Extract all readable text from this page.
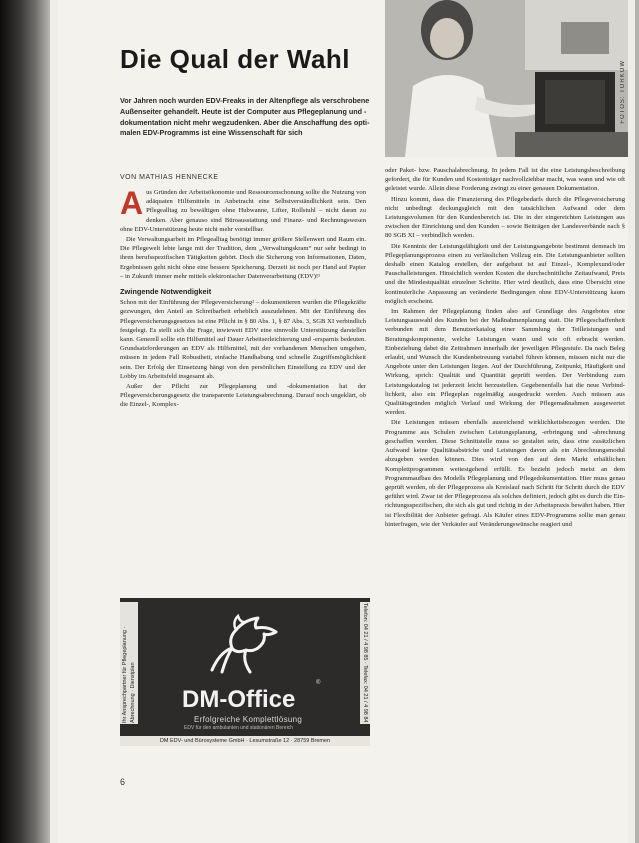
FOTOS: TORKOW
Die Qual der Wahl

Vor Jahren noch wurden EDV-Freaks in der Altenpflege als verschrobene Außenseiter gehandelt. Heute ist der Computer aus Pflegeplanung und -dokumentation nicht mehr wegzudenken. Aber die Anschaffung des optimalen EDV-Programms ist eine Wissenschaft für sich

VON MATHIAS HENNECKE

Aus Gründen der Arbeitsökonomie und Ressourcenschonung sollte die Nutzung von adäquaten Hilfsmitteln in Anbetracht eine Selbstverständlichkeit sein. Den Pflegealltag zu bewältigen ohne Hubwanne, Lifter, Rollstuhl – nicht daran zu denken. Aber genauso sind Büroausstattung und Finanz- und Rechnungswesen ohne EDV-Unterstützung heute nicht mehr vorstellbar.

Die Verwaltungsarbeit im Pflegealltag benötigt immer größere Stellenwert und Raum ein. Die Pflegewelt lebte lange mit der Tradition, dem „Verwaltungskram“ nur sehr bedingt in ihren berufsspezifischen Tätigkeiten gehört. Doch die Sicherung von Informationen, Daten, Ergebnissen geht nicht ohne eine bessere Speicherung. Derzeit ist noch per Hand auf Papier – in Zukunft immer mehr mittels elektronischer Datenverarbeitung (EDV)!¹

Zwingende Notwendigkeit

Schon mit der Einführung der Pflegeversicherung² – dokumentieren wurden die Pflegekräfte gezwungen, den Anteil an Schreibarbeit erheblich auszudehnen. Mit der Einführung des Pflegeversicherungsgesetzes ist eine Pflicht in § 80 Abs. 1, § 87 Abs. 3, SGB XI verbindlich festgelegt. Es stellt sich die Frage, inwieweit EDV eine sinnvolle Unterstützung darstellen kann. Generell sollte ein Hilfsmittel auf Dauer Arbeitserleichterung und -ersparnis bedeuten. Grundsatzforderungen an EDV als Hilfsmittel, mit der vorhandenen Menschen umgehen, müssen in jedem Fall Robustheit, einfache Handhabung und schnelle Zugriffsmöglichkeit sein. Der Erfolg der Einsetzung hängt von den persönlichen Einstellung zu EDV und der Lobby im Arbeitsfeld insgesamt ab.

Außer der Pflicht zur Pflegeplanung und -dokumentation hat der Pflegeversicherungsgesetz die transparente Leistungsabrechnung. Darauf noch ungeklärt, ob die Einzel-, Komplex-

oder Paket- bzw. Pauschalabrechnung. In jedem Fall ist die eine Leistungsbeschreibung gefordert, die für Kunden und Kostenträger nachvollziehbar macht, was wann und wie oft geleistet wurde. Allein diese Forderung zwingt zu einer genauen Dokumentation.

Hinzu kommt, dass die Finanzierung des Pflegebedarfs durch die Pflegeversicherung nicht unbedingt deckungsgleich mit den tatsächlichen Aufwand oder dem Leistungsvolumen für den Kundenbereich ist. Die in der eingereichten Leistungen aus zwischen der Einrichtung und den Kunden – sowie Beiträgen der Landesverbände nach § 80 SGB XI – verbindlich werden.

Die Kenntnis der Leistungsfähigkeit und der Leistungsangebote bestimmt demnach im Pflegeplanungsprozess einen zu verlässlichen Vollzug ein. Die Leistungsanbieter sollten deshalb einen Katalog erstellen, der aufgebaut ist auf Einzel-, Komplexund/oder Pauschalleistungen. Hinsichtlich werden Kosten die durchschnittliche Zeitaufwand, Preis und die Mindestqualität einzelner Schritte. Hier wird deutlich, dass eine Übersicht eine kontinuierliche Anpassung an veränderte Bedingungen ohne EDV-Unterstützung kaum möglich erscheint.

Im Rahmen der Pflegeplanung finden also auf Grundlage des Angebotes eine Leistungsauswahl des Kunden bei der Maßnahmenplanung statt. Die Pflegeschaffenheit verbunden mit dem Benutzerkatalog einer Sammlung der Teilleistungen und Beratungskomponente, welche Leistungen wann und wie oft erbracht werden. Einbeziehung dabei die Zeitrahmen innerhalb der jeweiligen Pflegestufe. Da nach Beleg erlaubt, und Wunsch die Kundenbetreuung variabel führen können, müssen nicht nur die Angebote unter den Leistungen liegen. Auf der Durchführung, Zeitpunkt, Häufigkeit und Wirkung, sprich: Qualität und Quantität geprüft werden. Der Verbindung zum Leistungskatalog ist jederzeit leicht herzustellen. Gegebenenfalls hat die neue Verbindlichkeit, also ein Pflegeplan regelmäßig ausgedruckt werden. Auch müssen aus Qualitätsgründen möglich Verlauf und Wirkung der Pflegemaßnahmen ausgewertet werden.

Die Leistungen müssen ebenfalls ausreichend wirklichkeitsbezogen werden. Die Programme aus Schulen zwischen Leistungsplanung, -erbringung und -abrechnung geschaffen werden. Diese Schnittstelle muss so gestaltet sein, dass eine zusätzlichen Aufwand keine Qualitätsabstriche und Leistungen davon als ein Abrechnungsmodul abzugeben werden können. Dies wird von den auf dem Markt erhältlichen Komplettprogrammen weitestgehend erfüllt. Es bezieht jedoch meist an dem Programmaufbau des Modells Pflegeplanung und Pflegedokumentation. Hier muss genau geprüft werden, ob der Pflegeprozess als Kreislauf nach Schritt für Schritt durch die EDV geführt wird. Zwar ist der Pflegeprozess als solches definiert, jedoch gibt es durch die Einrichtungsspezifischen, die sich als gut und richtig in der Arbeitspraxis bewährt haben. Hier ist Flexibilität der Anbieter gefragt. Als Käufer eines EDV-Programms sollte man genau hinterfragen, wie der Verkäufer auf Veränderungswünsche reagiert und

Ihr Ansprechpartner für Pflegeplanung · Abrechnung · Dienstplan	Telefon: 04 21 / 4 98 85 · Telefax: 04 21 / 4 98 84
DM-Office
®
Erfolgreiche Komplettlösung
EDV für den ambulanten und stationären Bereich
DM EDV- und Bürosysteme GmbH · Lesumstraße 12 · 28759 Bremen
6
